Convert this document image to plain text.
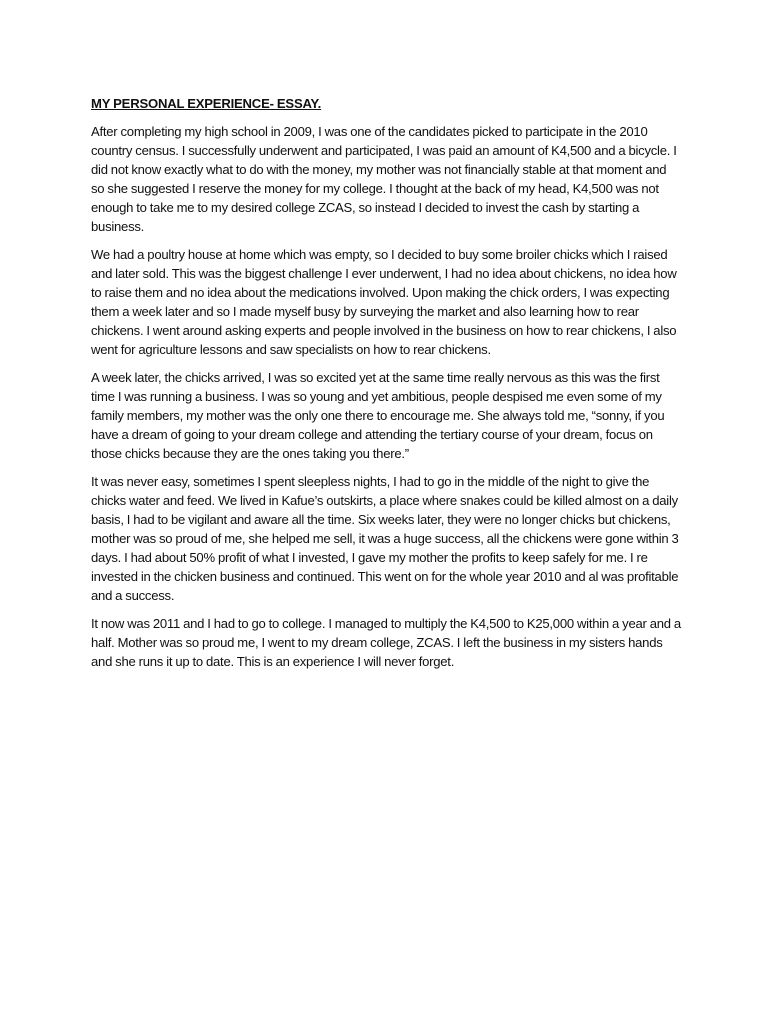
MY PERSONAL EXPERIENCE- ESSAY.

After completing my high school in 2009, I was one of the candidates picked to participate in the 2010 country census. I successfully underwent and participated, I was paid an amount of K4,500 and a bicycle. I did not know exactly what to do with the money, my mother was not financially stable at that moment and so she suggested I reserve the money for my college. I thought at the back of my head, K4,500 was not enough to take me to my desired college ZCAS, so instead I decided to invest the cash by starting a business.

We had a poultry house at home which was empty, so I decided to buy some broiler chicks which I raised and later sold. This was the biggest challenge I ever underwent, I had no idea about chickens, no idea how to raise them and no idea about the medications involved. Upon making the chick orders, I was expecting them a week later and so I made myself busy by surveying the market and also learning how to rear chickens. I went around asking experts and people involved in the business on how to rear chickens, I also went for agriculture lessons and saw specialists on how to rear chickens.

A week later, the chicks arrived, I was so excited yet at the same time really nervous as this was the first time I was running a business. I was so young and yet ambitious, people despised me even some of my family members, my mother was the only one there to encourage me. She always told me, “sonny, if you have a dream of going to your dream college and attending the tertiary course of your dream, focus on those chicks because they are the ones taking you there.”

It was never easy, sometimes I spent sleepless nights, I had to go in the middle of the night to give the chicks water and feed. We lived in Kafue’s outskirts, a place where snakes could be killed almost on a daily basis, I had to be vigilant and aware all the time. Six weeks later, they were no longer chicks but chickens, mother was so proud of me, she helped me sell, it was a huge success, all the chickens were gone within 3 days. I had about 50% profit of what I invested, I gave my mother the profits to keep safely for me. I re invested in the chicken business and continued. This went on for the whole year 2010 and al was profitable and a success.

It now was 2011 and I had to go to college. I managed to multiply the K4,500 to K25,000 within a year and a half. Mother was so proud me, I went to my dream college, ZCAS. I left the business in my sisters hands and she runs it up to date. This is an experience I will never forget.
